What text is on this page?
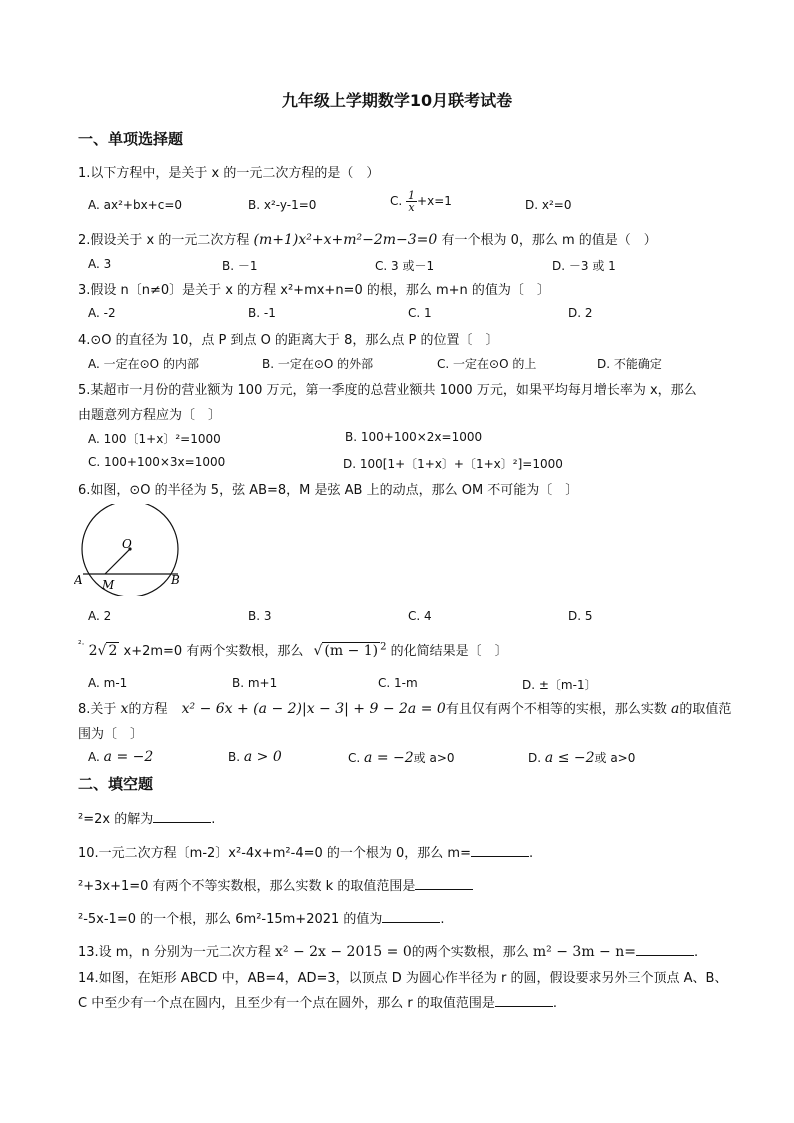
九年级上学期数学10月联考试卷
一、单项选择题
1.以下方程中，是关于 x 的一元二次方程的是（　）
A. ax²+bx+c=0	B. x²-y-1=0	C. $\frac{1}{x} +x=1$	D. x²=0
2.假设关于 x 的一元二次方程 (m+1)x²+x+m²−2m−3=0 有一个根为 0，那么 m 的值是（　）
A. 3	B. －1	C. 3 或－1	D. －3 或 1
3.假设 n〔n≠0〕是关于 x 的方程 x²+mx+n=0 的根，那么 m+n 的值为〔　〕
A. -2	B. -1	C. 1	D. 2
4.⊙O 的直径为 10，点 P 到点 O 的距离大于 8，那么点 P 的位置〔　〕
A. 一定在⊙O 的内部	B. 一定在⊙O 的外部	C. 一定在⊙O 的上	D. 不能确定
5.某超市一月份的营业额为 100 万元，第一季度的总营业额共 1000 万元，如果平均每月增长率为 x，那么
由题意列方程应为〔　〕
A. 100〔1+x〕²=1000	B. 100+100×2x=1000
C. 100+100×3x=1000	D. 100[1+〔1+x〕+〔1+x〕²]=1000
6.如图，⊙O 的半径为 5，弦 AB=8，M 是弦 AB 上的动点，那么 OM 不可能为〔　〕
O
A M	B
A. 2	B. 3	C. 4	D. 5
$^{^2\cdot}$ 2√ 2 x+2m=0 有两个实数根，那么 √ (m − 1) $^2$ 的化简结果是〔　〕
A. m-1	B. m+1	C. 1-m	D. ±〔m-1〕
8.关于 x的方程 x² − 6x + (a − 2)|x − 3| + 9 − 2a = 0有且仅有两个不相等的实根，那么实数 a的取值范
围为〔　〕
A. a = −2	B. a > 0	C. a = −2或 a>0	D. a ≤ −2或 a>0
二、填空题
²=2x 的解为	.
10.一元二次方程〔m-2〕x²-4x+m²-4=0 的一个根为 0，那么 m=	.
²+3x+1=0 有两个不等实数根，那么实数 k 的取值范围是
²-5x-1=0 的一个根，那么 6m²-15m+2021 的值为	.
13.设 m，n 分别为一元二次方程 x² − 2x − 2015 = 0的两个实数根，那么 m² − 3m − n=	.
14.如图，在矩形 ABCD 中，AB=4，AD=3，以顶点 D 为圆心作半径为 r 的圆，假设要求另外三个顶点 A、B、
C 中至少有一个点在圆内，且至少有一个点在圆外，那么 r 的取值范围是	.
